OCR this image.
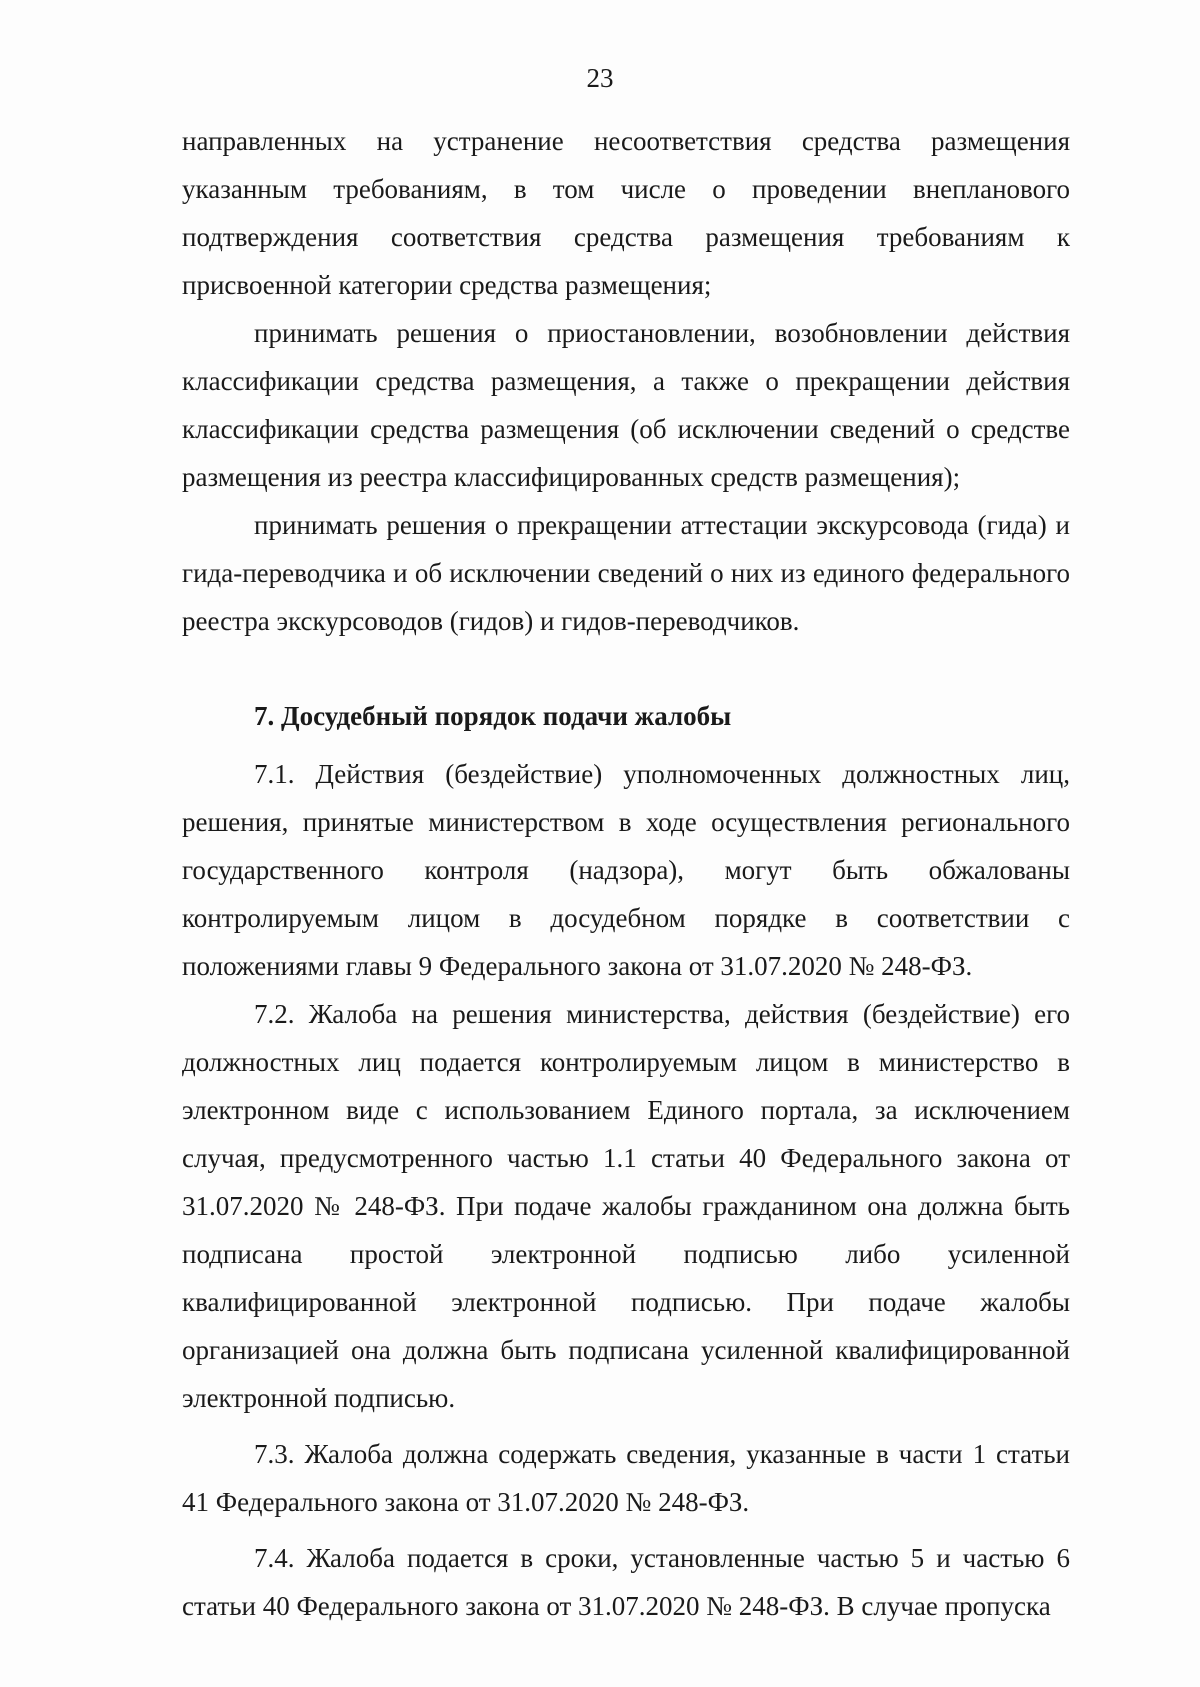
23

направленных на устранение несоответствия средства размещения указанным требованиям, в том числе о проведении внепланового подтверждения соответствия средства размещения требованиям к присвоенной категории средства размещения;

принимать решения о приостановлении, возобновлении действия классификации средства размещения, а также о прекращении действия классификации средства размещения (об исключении сведений о средстве размещения из реестра классифицированных средств размещения);

принимать решения о прекращении аттестации экскурсовода (гида) и гида-переводчика и об исключении сведений о них из единого федерального реестра экскурсоводов (гидов) и гидов-переводчиков.

7. Досудебный порядок подачи жалобы

7.1. Действия (бездействие) уполномоченных должностных лиц, решения, принятые министерством в ходе осуществления регионального государственного контроля (надзора), могут быть обжалованы контролируемым лицом в досудебном порядке в соответствии с положениями главы 9 Федерального закона от 31.07.2020 № 248-ФЗ.

7.2. Жалоба на решения министерства, действия (бездействие) его должностных лиц подается контролируемым лицом в министерство в электронном виде с использованием Единого портала, за исключением случая, предусмотренного частью 1.1 статьи 40 Федерального закона от 31.07.2020 № 248-ФЗ. При подаче жалобы гражданином она должна быть подписана простой электронной подписью либо усиленной квалифицированной электронной подписью. При подаче жалобы организацией она должна быть подписана усиленной квалифицированной электронной подписью.

7.3. Жалоба должна содержать сведения, указанные в части 1 статьи 41 Федерального закона от 31.07.2020 № 248-ФЗ.

7.4. Жалоба подается в сроки, установленные частью 5 и частью 6 статьи 40 Федерального закона от 31.07.2020 № 248-ФЗ. В случае пропуска
